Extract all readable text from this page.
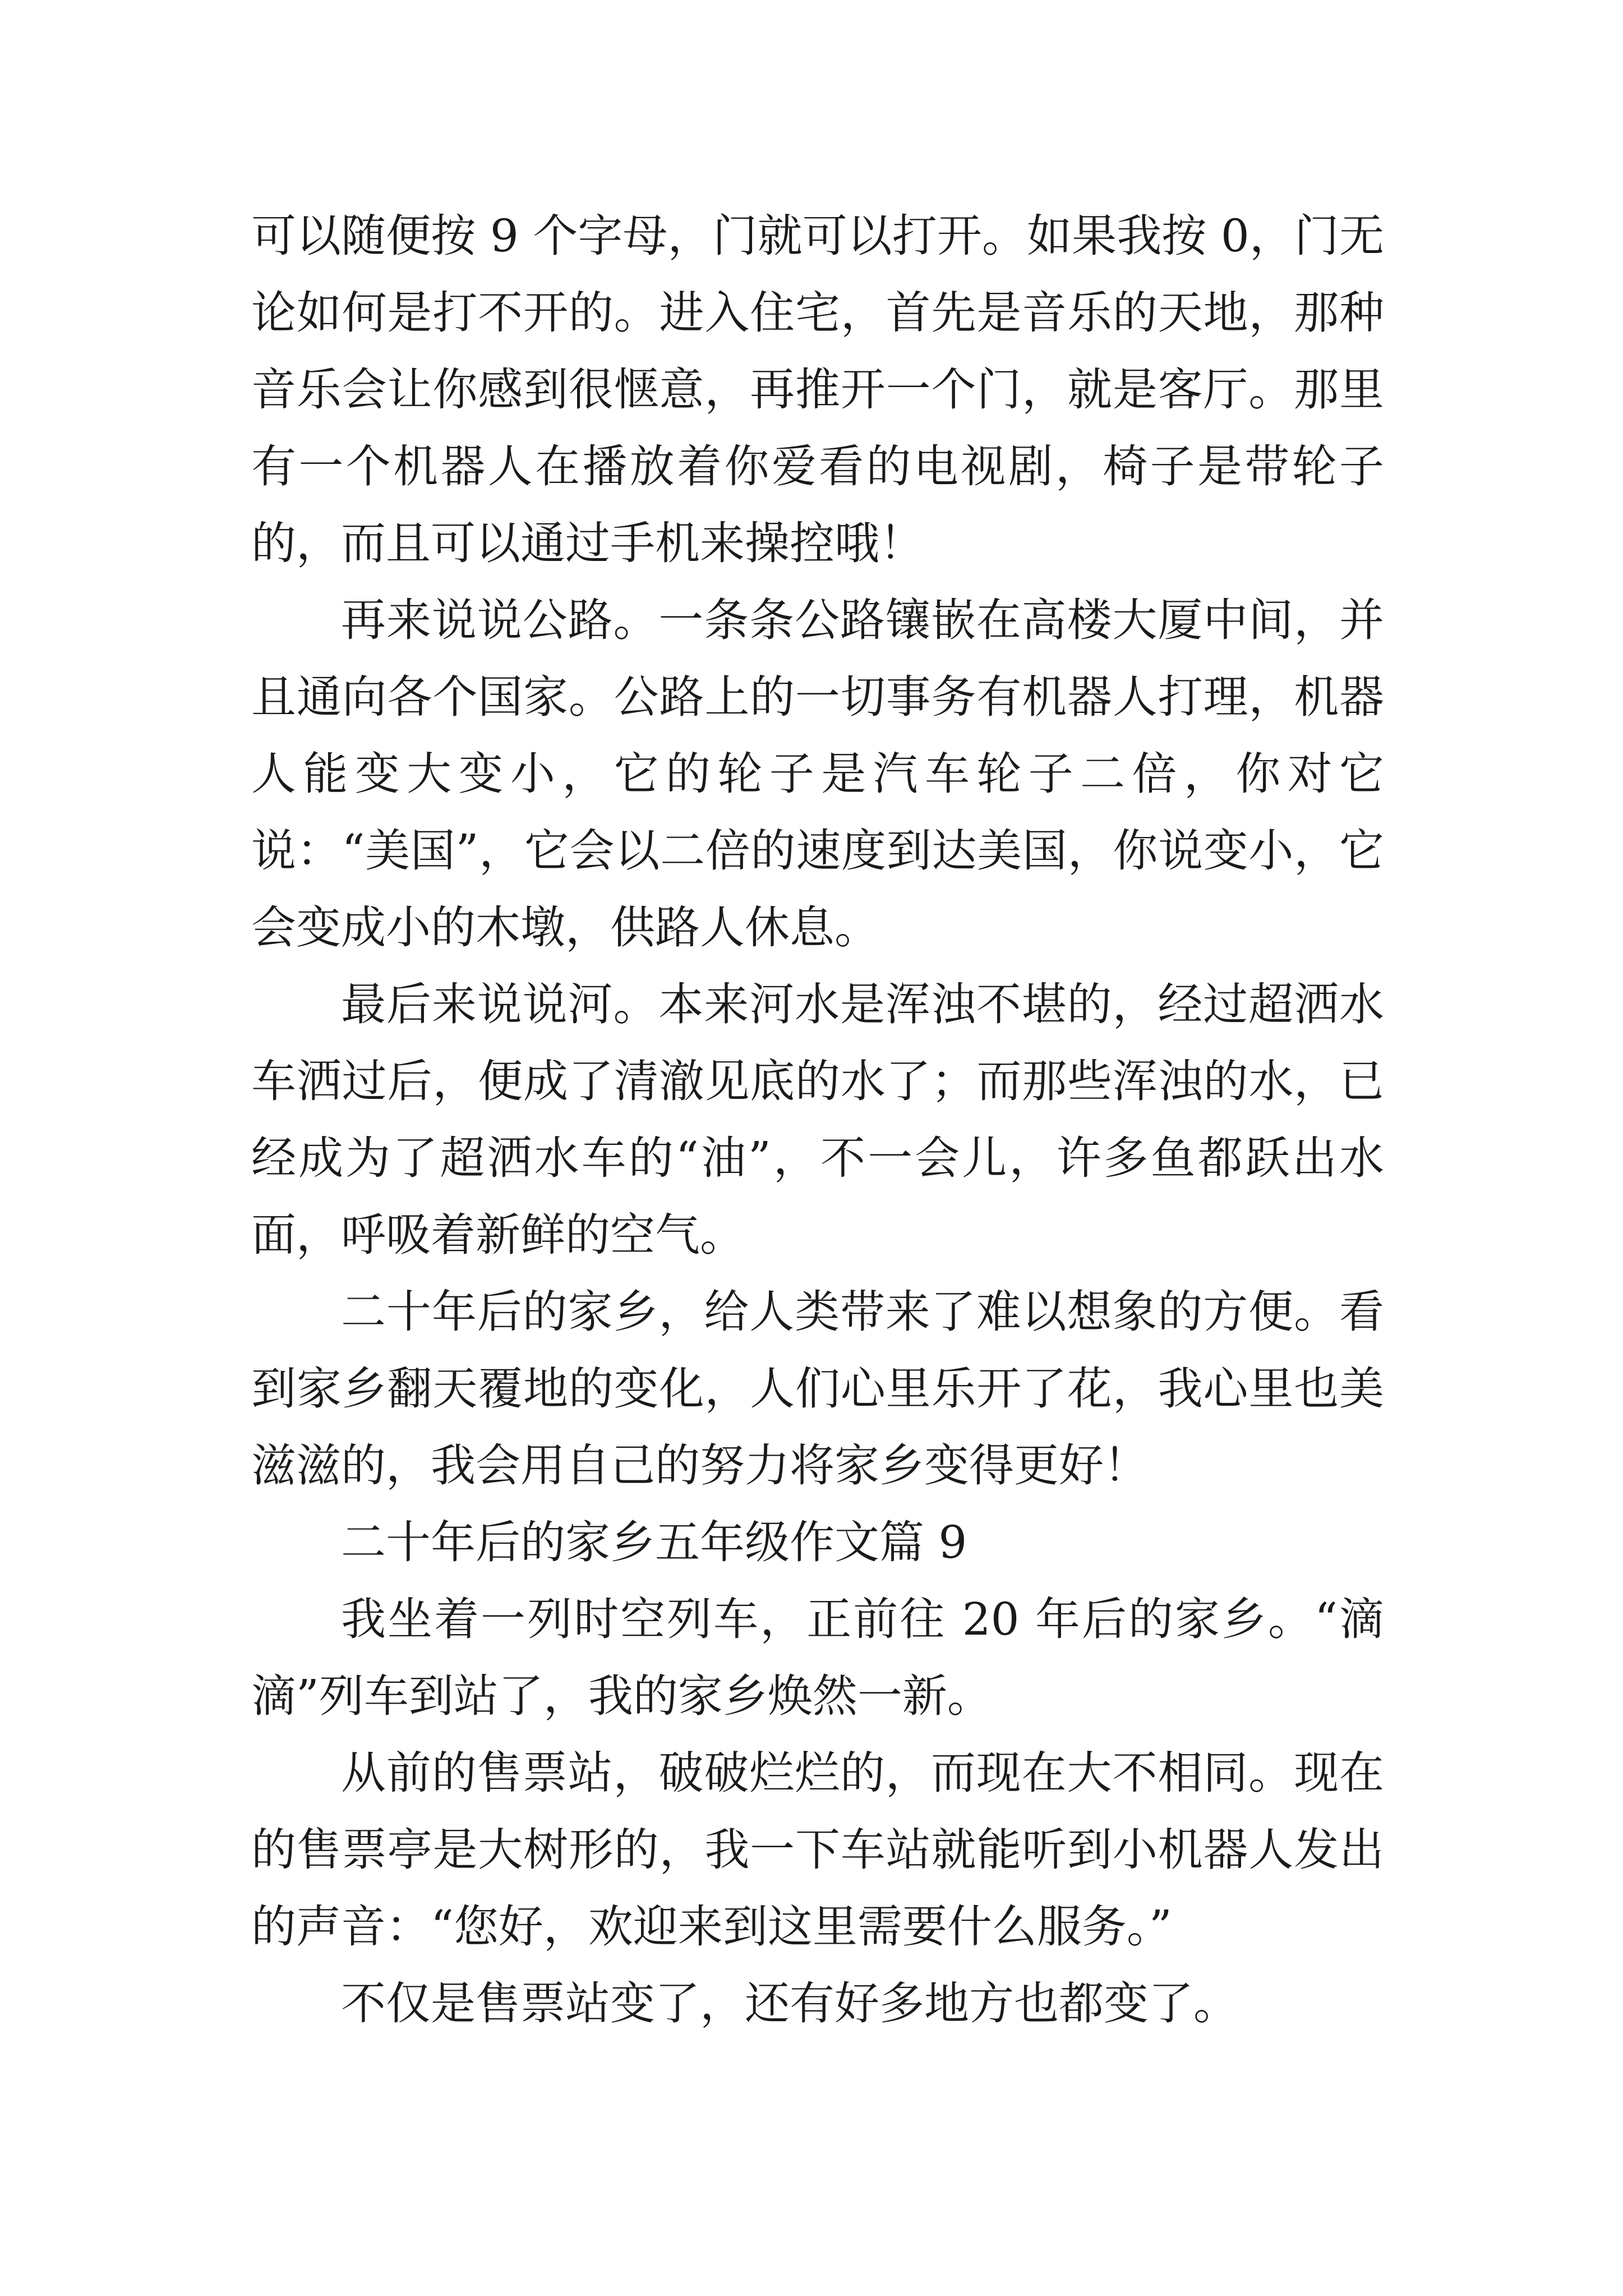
可以随便按 9 个字母，门就可以打开。如果我按 0，门无论如何是打不开的。进入住宅，首先是音乐的天地，那种音乐会让你感到很惬意，再推开一个门，就是客厅。那里有一个机器人在播放着你爱看的电视剧，椅子是带轮子的，而且可以通过手机来操控哦！

再来说说公路。一条条公路镶嵌在高楼大厦中间，并且通向各个国家。公路上的一切事务有机器人打理，机器人能变大变小，它的轮子是汽车轮子二倍，你对它说：“美国”，它会以二倍的速度到达美国，你说变小，它会变成小的木墩，供路人休息。

最后来说说河。本来河水是浑浊不堪的，经过超洒水车洒过后，便成了清澈见底的水了；而那些浑浊的水，已经成为了超洒水车的“油”，不一会儿，许多鱼都跃出水面，呼吸着新鲜的空气。

二十年后的家乡，给人类带来了难以想象的方便。看到家乡翻天覆地的变化，人们心里乐开了花，我心里也美滋滋的，我会用自己的努力将家乡变得更好！

二十年后的家乡五年级作文篇 9

我坐着一列时空列车，正前往 20 年后的家乡。“滴滴”列车到站了，我的家乡焕然一新。

从前的售票站，破破烂烂的，而现在大不相同。现在的售票亭是大树形的，我一下车站就能听到小机器人发出的声音：“您好，欢迎来到这里需要什么服务。”

不仅是售票站变了，还有好多地方也都变了。
